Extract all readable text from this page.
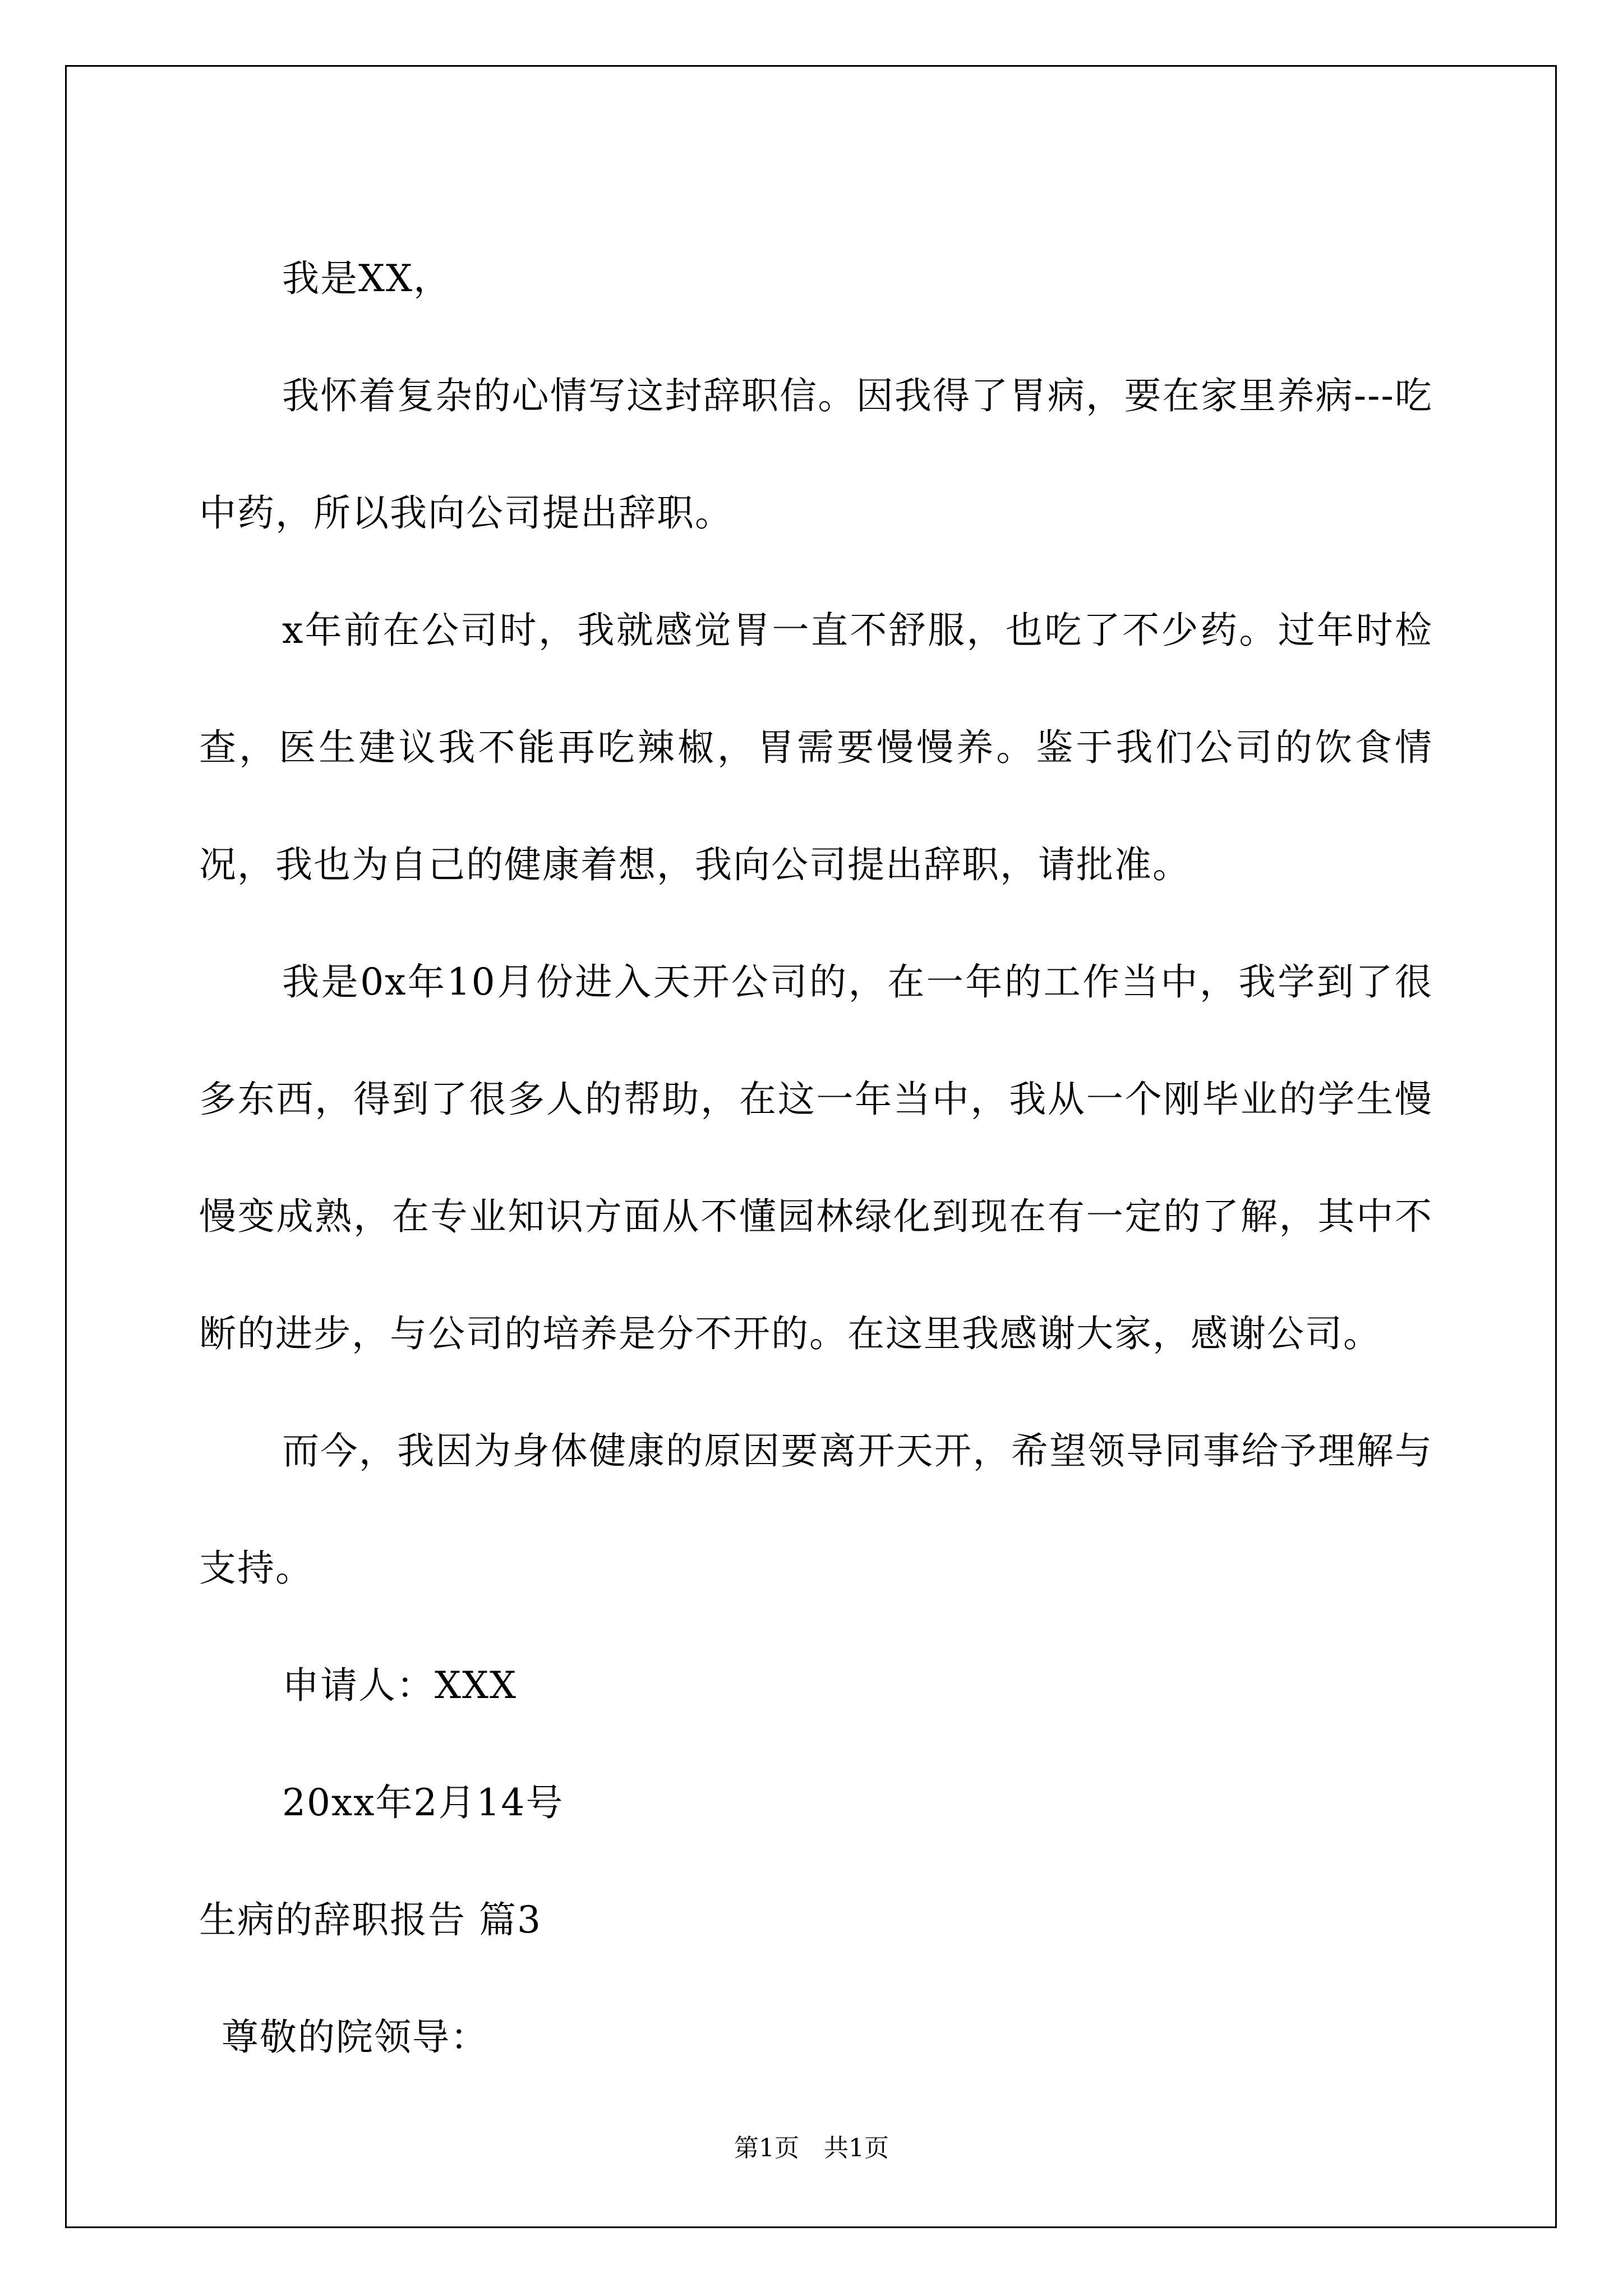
我是XX，

我怀着复杂的心情写这封辞职信。因我得了胃病，要在家里养病---吃中药，所以我向公司提出辞职。

x年前在公司时，我就感觉胃一直不舒服，也吃了不少药。过年时检查，医生建议我不能再吃辣椒，胃需要慢慢养。鉴于我们公司的饮食情况，我也为自己的健康着想，我向公司提出辞职，请批准。

我是0x年10月份进入天开公司的，在一年的工作当中，我学到了很多东西，得到了很多人的帮助，在这一年当中，我从一个刚毕业的学生慢慢变成熟，在专业知识方面从不懂园林绿化到现在有一定的了解，其中不断的进步，与公司的培养是分不开的。在这里我感谢大家，感谢公司。

而今，我因为身体健康的原因要离开天开，希望领导同事给予理解与支持。

申请人：XXX
20xx年2月14号
生病的辞职报告 篇3
尊敬的院领导：
第1页　共1页
